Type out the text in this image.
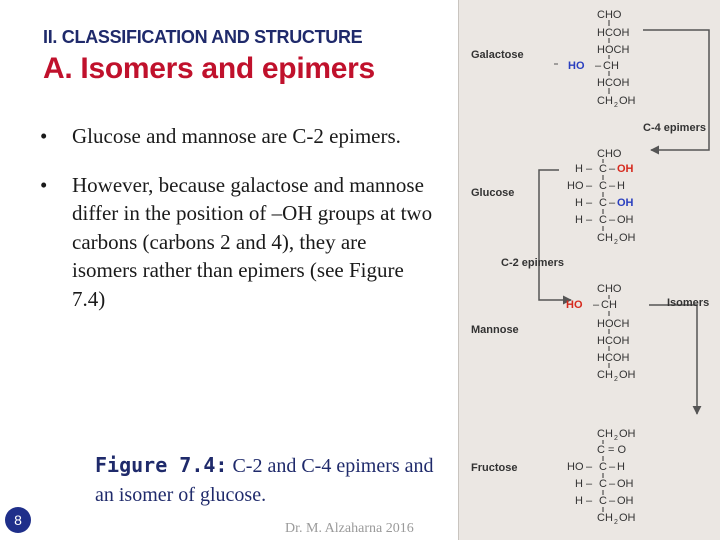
II. CLASSIFICATION AND STRUCTURE
A. Isomers and epimers
• Glucose and mannose are C-2 epimers.
• However, because galactose and mannose differ in the position of –OH groups at two carbons (carbons 2 and 4), they are isomers rather than epimers (see Figure 7.4)
Figure 7.4: C-2 and C-4 epimers and an isomer of glucose.
8
Dr. M. Alzaharna 2016
Galactose
CHO
HCOH
HOCH
HO – CH
HCOH
CH 2 OH
C-4 epimers
Glucose
CHO
H – C – OH
HO – C – H
H – C – OH
H – C – OH
CH 2 OH
C-2 epimers
Mannose
CHO
HO – CH
HOCH
HCOH
HCOH
CH 2 OH
Isomers
Fructose
CH 2 OH
C = O
HO – C – H
H – C – OH
H – C – OH
CH 2 OH
